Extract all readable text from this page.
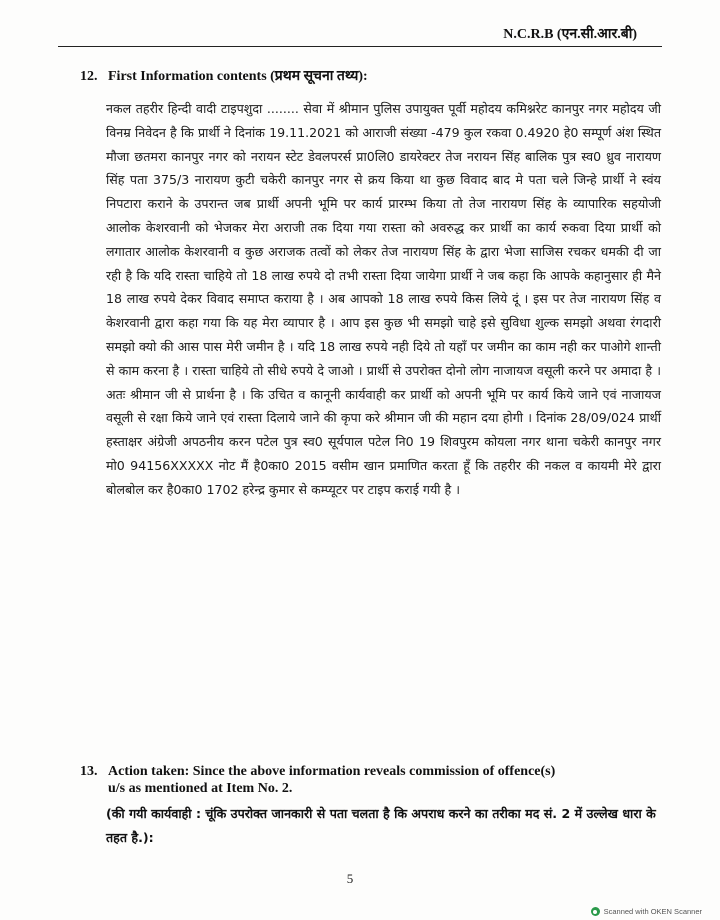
N.C.R.B (एन.सी.आर.बी)
12. First Information contents (प्रथम सूचना तथ्य):
नकल तहरीर हिन्दी वादी टाइपशुदा ........ सेवा में श्रीमान पुलिस उपायुक्त पूर्वी महोदय कमिश्नरेट कानपुर नगर महोदय जी विनम्र निवेदन है कि प्रार्थी ने दिनांक 19.11.2021 को आराजी संख्या -479 कुल रकवा 0.4920 हे0 सम्पूर्ण अंश स्थित मौजा छतमरा कानपुर नगर को नरायन स्टेट डेवलपरर्स प्रा0लि0 डायरेक्टर तेज नरायन सिंह बालिक पुत्र स्व0 ध्रुव नारायण सिंह पता 375/3 नारायण कुटी चकेरी कानपुर नगर से क्रय किया था कुछ विवाद बाद मे पता चले जिन्हे प्रार्थी ने स्वंय निपटारा कराने के उपरान्त जब प्रार्थी अपनी भूमि पर कार्य प्रारम्भ किया तो तेज नारायण सिंह के व्यापारिक सहयोजी आलोक केशरवानी को भेजकर मेरा अराजी तक दिया गया रास्ता को अवरुद्ध कर प्रार्थी का कार्य रुकवा दिया प्रार्थी को लगातार आलोक केशरवानी व कुछ अराजक तत्वों को लेकर तेज नारायण सिंह के द्वारा भेजा साजिस रचकर धमकी दी जा रही है कि यदि रास्ता चाहिये तो 18 लाख रुपये दो तभी रास्ता दिया जायेगा प्रार्थी ने जब कहा कि आपके कहानुसार ही मैने 18 लाख रुपये देकर विवाद समाप्त कराया है । अब आपको 18 लाख रुपये किस लिये दूं । इस पर तेज नारायण सिंह व केशरवानी द्वारा कहा गया कि यह मेरा व्यापार है । आप इस कुछ भी समझो चाहे इसे सुविधा शुल्क समझो अथवा रंगदारी समझो क्यो की आस पास मेरी जमीन है । यदि 18 लाख रुपये नही दिये तो यहाँ पर जमीन का काम नही कर पाओगे शान्ती से काम करना है । रास्ता चाहिये तो सीधे रुपये दे जाओ । प्रार्थी से उपरोक्त दोनो लोग नाजायज वसूली करने पर अमादा है । अतः श्रीमान जी से प्रार्थना है । कि उचित व कानूनी कार्यवाही कर प्रार्थी को अपनी भूमि पर कार्य किये जाने एवं नाजायज वसूली से रक्षा किये जाने एवं रास्ता दिलाये जाने की कृपा करे श्रीमान जी की महान दया होगी । दिनांक 28/09/024 प्रार्थी हस्ताक्षर अंग्रेजी अपठनीय करन पटेल पुत्र स्व0 सूर्यपाल पटेल नि0 19 शिवपुरम कोयला नगर थाना चकेरी कानपुर नगर मो0 94156XXXXX नोट मैं है0का0 2015 वसीम खान प्रमाणित करता हूँ कि तहरीर की नकल व कायमी मेरे द्वारा बोलबोल कर है0का0 1702 हरेन्द्र कुमार से कम्प्यूटर पर टाइप कराई गयी है ।
13. Action taken: Since the above information reveals commission of offence(s)
u/s as mentioned at Item No. 2.
(की गयी कार्यवाही : चूंकि उपरोक्त जानकारी से पता चलता है कि अपराध करने का तरीका मद सं. 2 में उल्लेख धारा के तहत है.):
5
Scanned with OKEN Scanner
